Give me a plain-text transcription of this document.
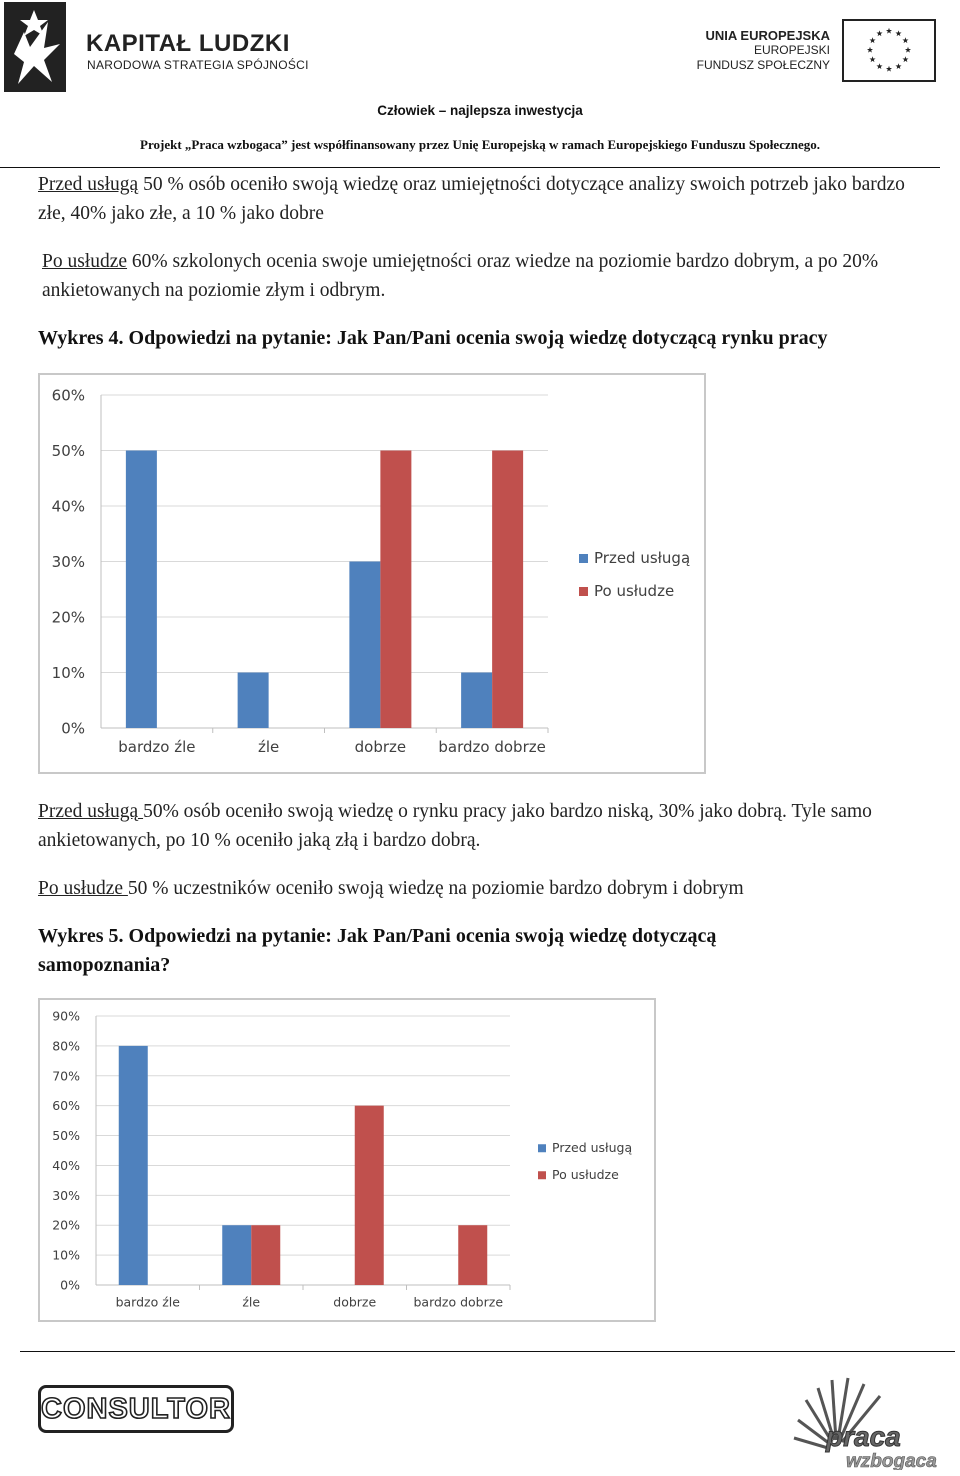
KAPITAŁ LUDZKI
NARODOWA STRATEGIA SPÓJNOŚCI
UNIA EUROPEJSKA
EUROPEJSKI
FUNDUSZ SPOŁECZNY
Człowiek – najlepsza inwestycja
Projekt „Praca wzbogaca” jest współfinansowany przez Unię Europejską w ramach Europejskiego Funduszu Społecznego.
Przed usługą 50 % osób oceniło swoją wiedzę oraz umiejętności dotyczące analizy swoich potrzeb jako bardzo złe, 40% jako złe, a 10 % jako dobre
Po usłudze 60% szkolonych ocenia swoje umiejętności oraz wiedze na poziomie bardzo dobrym, a po 20% ankietowanych na poziomie złym i odbrym.
Wykres 4. Odpowiedzi na pytanie: Jak Pan/Pani ocenia swoją wiedzę dotyczącą rynku pracy
0%
10%
20%
30%
40%
50%
60%
bardzo źle	źle	dobrze bardzo dobrze
Przed usługą
Po usłudze
Przed usługą 50% osób oceniło swoją wiedzę o rynku pracy jako bardzo niską, 30% jako dobrą. Tyle samo ankietowanych, po 10 % oceniło jaką złą i bardzo dobrą.
Po usłudze 50 % uczestników oceniło swoją wiedzę na poziomie bardzo dobrym i dobrym
Wykres 5. Odpowiedzi na pytanie: Jak Pan/Pani ocenia swoją wiedzę dotyczącą samopoznania?
0%
10%
20%
30%
40%
50%
60%
70%
80%
90%
bardzo źle	źle	dobrze	bardzo dobrze
Przed usługą
Po usłudze
CONSULTOR
praca
wzbogaca
